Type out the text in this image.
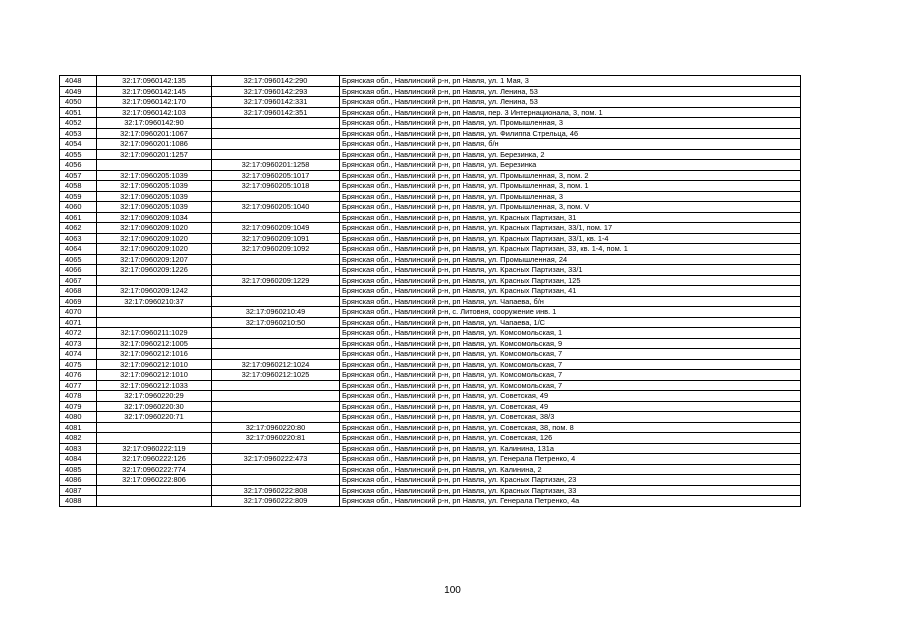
4048	32:17:0960142:135	32:17:0960142:290	Брянская обл., Навлинский р-н, рп Навля, ул. 1 Мая, 3
4049	32:17:0960142:145	32:17:0960142:293	Брянская обл., Навлинский р-н, рп Навля, ул. Ленина, 53
4050	32:17:0960142:170	32:17:0960142:331	Брянская обл., Навлинский р-н, рп Навля, ул. Ленина, 53
4051	32:17:0960142:103	32:17:0960142:351	Брянская обл., Навлинский р-н, рп Навля, пер. 3 Интернационала, 3, пом. 1
4052	32:17:0960142:90		Брянская обл., Навлинский р-н, рп Навля, ул. Промышленная, 3
4053	32:17:0960201:1067		Брянская обл., Навлинский р-н, рп Навля, ул. Филиппа Стрельца, 46
4054	32:17:0960201:1086		Брянская обл., Навлинский р-н, рп Навля, б/н
4055	32:17:0960201:1257		Брянская обл., Навлинский р-н, рп Навля, ул. Березинка, 2
4056		32:17:0960201:1258	Брянская обл., Навлинский р-н, рп Навля, ул. Березинка
4057	32:17:0960205:1039	32:17:0960205:1017	Брянская обл., Навлинский р-н, рп Навля, ул. Промышленная, 3, пом. 2
4058	32:17:0960205:1039	32:17:0960205:1018	Брянская обл., Навлинский р-н, рп Навля, ул. Промышленная, 3, пом. 1
4059	32:17:0960205:1039		Брянская обл., Навлинский р-н, рп Навля, ул. Промышленная, 3
4060	32:17:0960205:1039	32:17:0960205:1040	Брянская обл., Навлинский р-н, рп Навля, ул. Промышленная, 3, пом. V
4061	32:17:0960209:1034		Брянская обл., Навлинский р-н, рп Навля, ул. Красных Партизан, 31
4062	32:17:0960209:1020	32:17:0960209:1049	Брянская обл., Навлинский р-н, рп Навля, ул. Красных Партизан, 33/1, пом. 17
4063	32:17:0960209:1020	32:17:0960209:1091	Брянская обл., Навлинский р-н, рп Навля, ул. Красных Партизан, 33/1, кв. 1-4
4064	32:17:0960209:1020	32:17:0960209:1092	Брянская обл., Навлинский р-н, рп Навля, ул. Красных Партизан, 33, кв. 1-4, пом. 1
4065	32:17:0960209:1207		Брянская обл., Навлинский р-н, рп Навля, ул. Промышленная, 24
4066	32:17:0960209:1226		Брянская обл., Навлинский р-н, рп Навля, ул. Красных Партизан, 33/1
4067		32:17:0960209:1229	Брянская обл., Навлинский р-н, рп Навля, ул. Красных Партизан, 125
4068	32:17:0960209:1242		Брянская обл., Навлинский р-н, рп Навля, ул. Красных Партизан, 41
4069	32:17:0960210:37		Брянская обл., Навлинский р-н, рп Навля, ул. Чапаева, б/н
4070		32:17:0960210:49	Брянская обл., Навлинский р-н, с. Литовня, сооружение инв. 1
4071		32:17:0960210:50	Брянская обл., Навлинский р-н, рп Навля, ул. Чапаева, 1/С
4072	32:17:0960211:1029		Брянская обл., Навлинский р-н, рп Навля, ул. Комсомольская, 1
4073	32:17:0960212:1005		Брянская обл., Навлинский р-н, рп Навля, ул. Комсомольская, 9
4074	32:17:0960212:1016		Брянская обл., Навлинский р-н, рп Навля, ул. Комсомольская, 7
4075	32:17:0960212:1010	32:17:0960212:1024	Брянская обл., Навлинский р-н, рп Навля, ул. Комсомольская, 7
4076	32:17:0960212:1010	32:17:0960212:1025	Брянская обл., Навлинский р-н, рп Навля, ул. Комсомольская, 7
4077	32:17:0960212:1033		Брянская обл., Навлинский р-н, рп Навля, ул. Комсомольская, 7
4078	32:17:0960220:29		Брянская обл., Навлинский р-н, рп Навля, ул. Советская, 49
4079	32:17:0960220:30		Брянская обл., Навлинский р-н, рп Навля, ул. Советская, 49
4080	32:17:0960220:71		Брянская обл., Навлинский р-н, рп Навля, ул. Советская, 38/3
4081		32:17:0960220:80	Брянская обл., Навлинский р-н, рп Навля, ул. Советская, 38, пом. 8
4082		32:17:0960220:81	Брянская обл., Навлинский р-н, рп Навля, ул. Советская, 126
4083	32:17:0960222:119		Брянская обл., Навлинский р-н, рп Навля, ул. Калинина, 131а
4084	32:17:0960222:126	32:17:0960222:473	Брянская обл., Навлинский р-н, рп Навля, ул. Генерала Петренко, 4
4085	32:17:0960222:774		Брянская обл., Навлинский р-н, рп Навля, ул. Калинина, 2
4086	32:17:0960222:806		Брянская обл., Навлинский р-н, рп Навля, ул. Красных Партизан, 23
4087		32:17:0960222:808	Брянская обл., Навлинский р-н, рп Навля, ул. Красных Партизан, 33
4088		32:17:0960222:809	Брянская обл., Навлинский р-н, рп Навля, ул. Генерала Петренко, 4а
100
